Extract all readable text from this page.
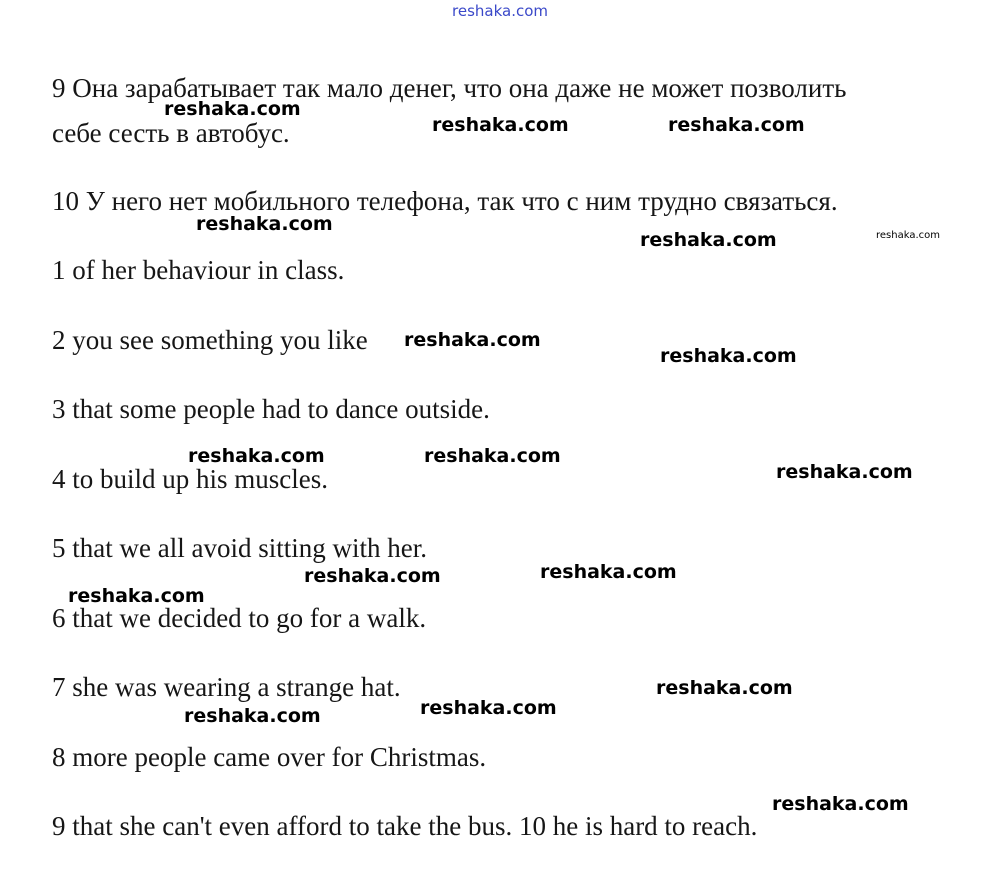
reshaka.com
9 Она зарабатывает так мало денег, что она даже не может позволить
себе сесть в автобус.
10 У него нет мобильного телефона, так что с ним трудно связаться.
1 of her behaviour in class.
2 you see something you like
3 that some people had to dance outside.
4 to build up his muscles.
5 that we all avoid sitting with her.
6 that we decided to go for a walk.
7 she was wearing a strange hat.
8 more people came over for Christmas.
9 that she can't even afford to take the bus. 10 he is hard to reach.
reshaka.com
reshaka.com	reshaka.com
reshaka.com
reshaka.com	reshaka.com
reshaka.com
reshaka.com
reshaka.com	reshaka.com
reshaka.com
reshaka.com	reshaka.com
reshaka.com
reshaka.com
reshaka.com
reshaka.com
reshaka.com
